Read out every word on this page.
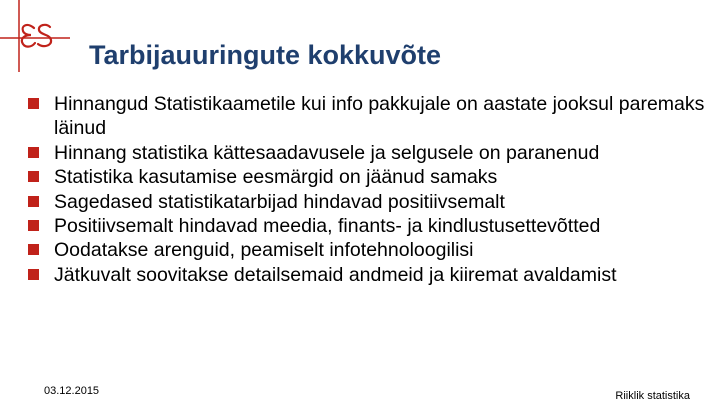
Tarbijauuringute kokkuvõte
Hinnangud Statistikaametile kui info pakkujale on aastate jooksul paremaks läinud
Hinnang statistika kättesaadavusele ja selgusele on paranenud
Statistika kasutamise eesmärgid on jäänud samaks
Sagedased statistikatarbijad hindavad positiivsemalt
Positiivsemalt hindavad meedia, finants- ja kindlustusettevõtted
Oodatakse arenguid, peamiselt infotehnoloogilisi
Jätkuvalt soovitakse detailsemaid andmeid ja kiiremat avaldamist
03.12.2015	Riiklik statistika
